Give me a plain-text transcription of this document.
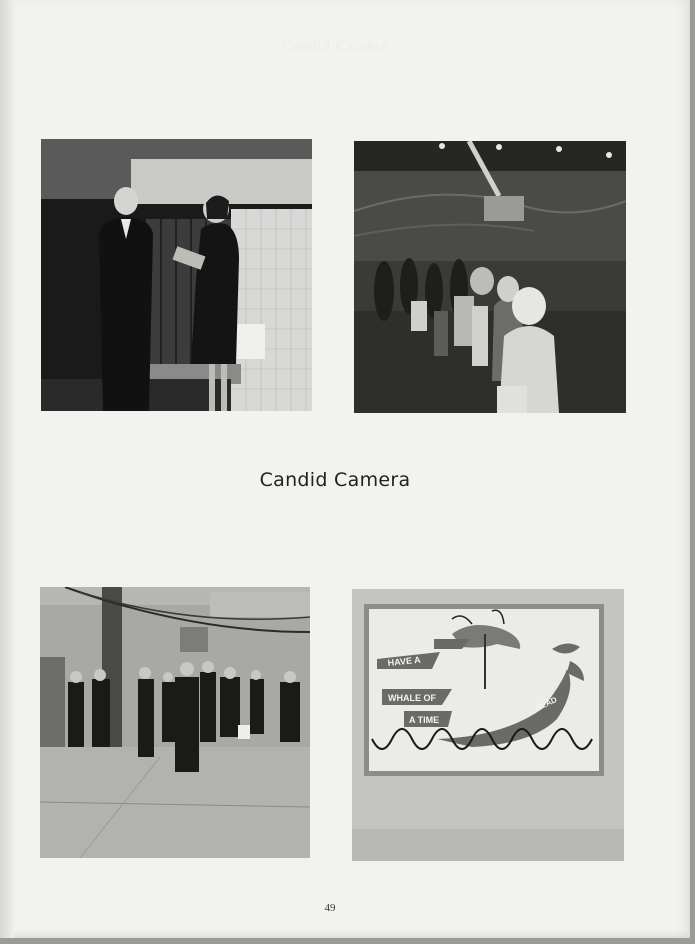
Candid Camera
Candid Camera
HAVE A
WHALE OF
A TIME
READ
49
